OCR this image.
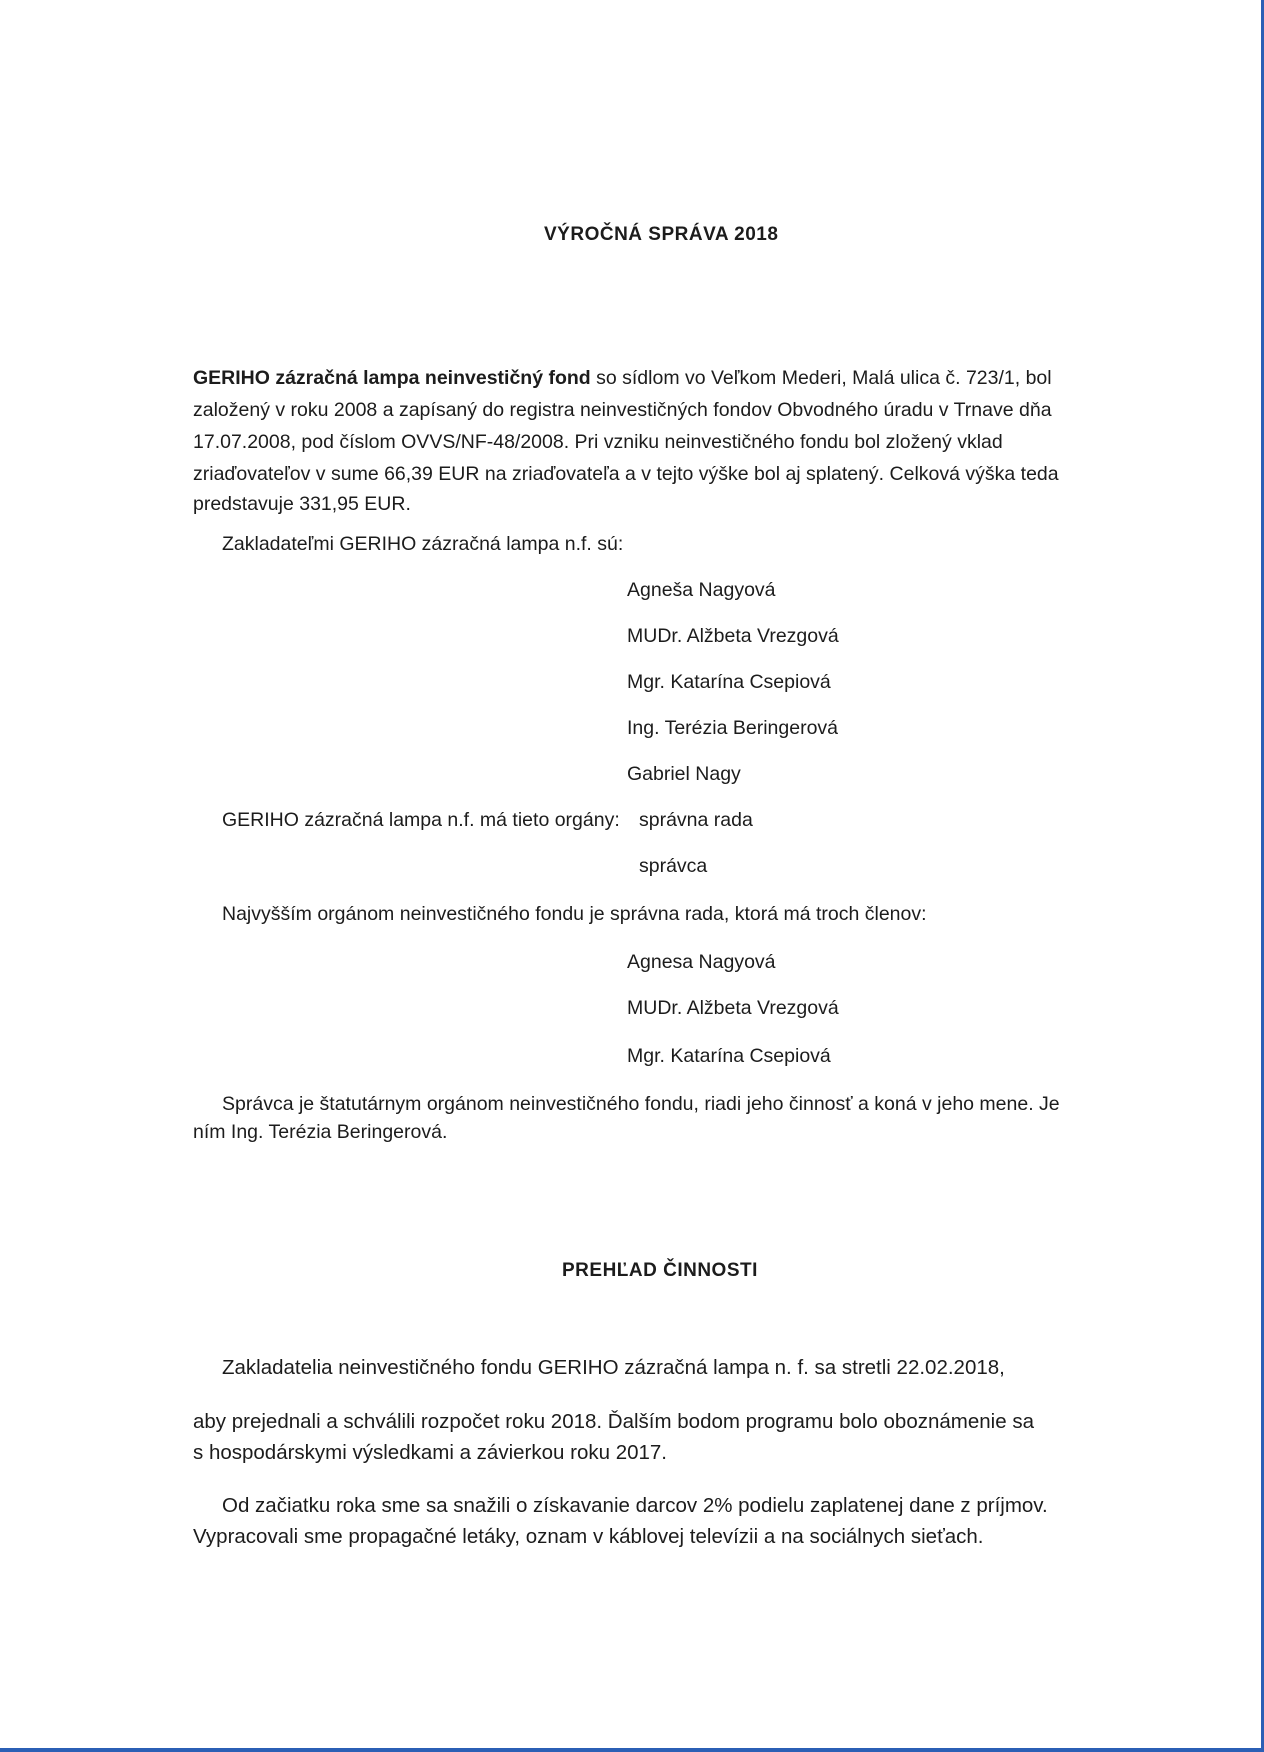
VÝROČNÁ SPRÁVA 2018
GERIHO zázračná lampa neinvestičný fond so sídlom vo Veľkom Mederi, Malá ulica č. 723/1, bol
založený v roku 2008 a zapísaný do registra neinvestičných fondov Obvodného úradu v Trnave dňa
17.07.2008, pod číslom OVVS/NF-48/2008. Pri vzniku neinvestičného fondu bol zložený vklad
zriaďovateľov v sume 66,39 EUR na zriaďovateľa a v tejto výške bol aj splatený. Celková výška teda
predstavuje 331,95 EUR.
Zakladateľmi GERIHO zázračná lampa n.f. sú:
Agneša Nagyová
MUDr. Alžbeta Vrezgová
Mgr. Katarína Csepiová
Ing. Terézia Beringerová
Gabriel Nagy
GERIHO zázračná lampa n.f. má tieto orgány: správna rada
správca
Najvyšším orgánom neinvestičného fondu je správna rada, ktorá má troch členov:
Agnesa Nagyová
MUDr. Alžbeta Vrezgová
Mgr. Katarína Csepiová
Správca je štatutárnym orgánom neinvestičného fondu, riadi jeho činnosť a koná v jeho mene. Je
ním Ing. Terézia Beringerová.
PREHĽAD ČINNOSTI
Zakladatelia neinvestičného fondu GERIHO zázračná lampa n. f. sa stretli 22.02.2018,
aby prejednali a schválili rozpočet roku 2018. Ďalším bodom programu bolo oboznámenie sa
s hospodárskymi výsledkami a závierkou roku 2017.
Od začiatku roka sme sa snažili o získavanie darcov 2% podielu zaplatenej dane z príjmov.
Vypracovali sme propagačné letáky, oznam v káblovej televízii a na sociálnych sieťach.
